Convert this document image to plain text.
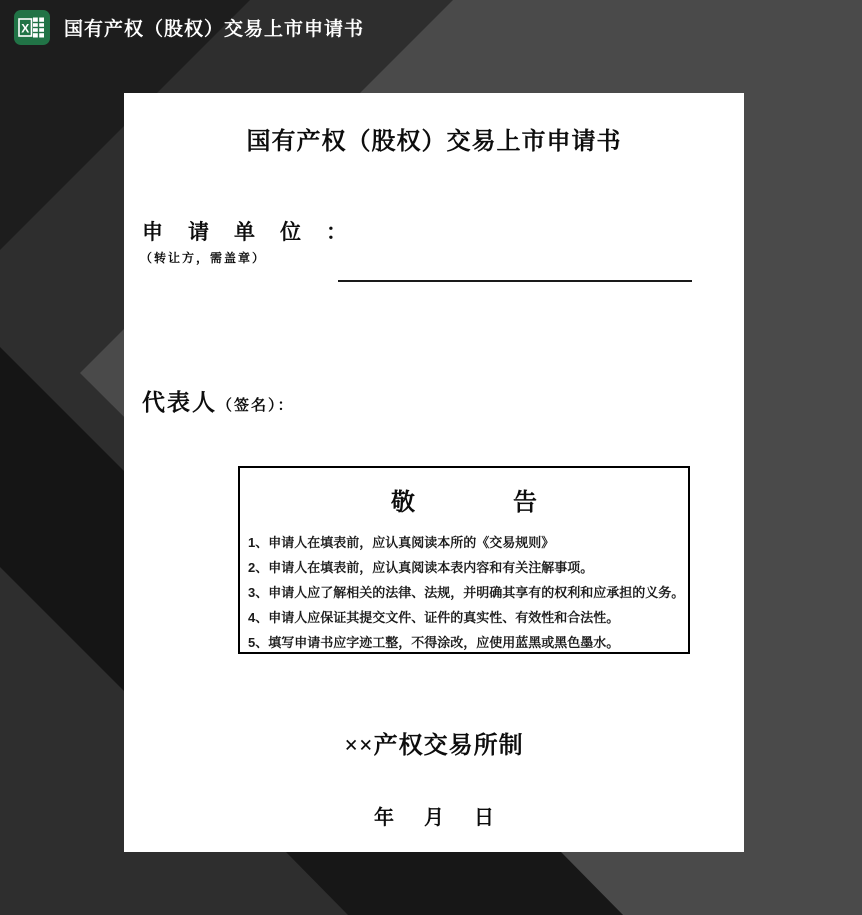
X 国有产权（股权）交易上市申请书
国有产权（股权）交易上市申请书
申请单位：
（转让方，需盖章）
代表人（签名）：
敬告
1、申请人在填表前，应认真阅读本所的《交易规则》
2、申请人在填表前，应认真阅读本表内容和有关注解事项。
3、申请人应了解相关的法律、法规，并明确其享有的权利和应承担的义务。
4、申请人应保证其提交文件、证件的真实性、有效性和合法性。
5、填写申请书应字迹工整，不得涂改，应使用蓝黑或黑色墨水。
××产权交易所制
年　月　日
